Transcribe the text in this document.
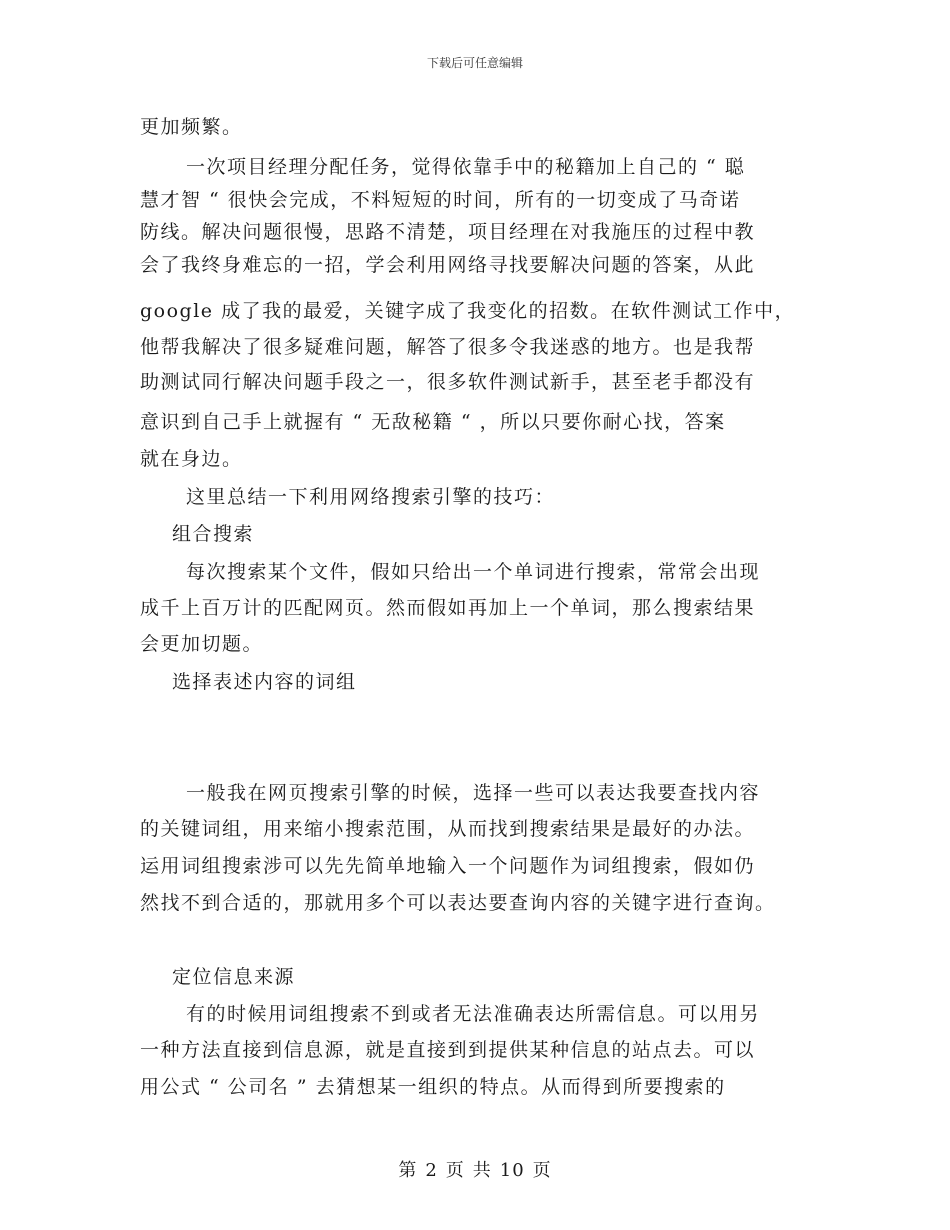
下载后可任意编辑
更加频繁。
一次项目经理分配任务，觉得依靠手中的秘籍加上自己的 “ 聪
慧才智 “ 很快会完成，不料短短的时间，所有的一切变成了马奇诺
防线。解决问题很慢，思路不清楚，项目经理在对我施压的过程中教
会了我终身难忘的一招，学会利用网络寻找要解决问题的答案，从此
google 成了我的最爱，关键字成了我变化的招数。在软件测试工作中，
他帮我解决了很多疑难问题，解答了很多令我迷惑的地方。也是我帮
助测试同行解决问题手段之一，很多软件测试新手，甚至老手都没有
意识到自己手上就握有 “ 无敌秘籍 “ ，所以只要你耐心找，答案
就在身边。
这里总结一下利用网络搜索引擎的技巧：
组合搜索
每次搜索某个文件，假如只给出一个单词进行搜索，常常会出现
成千上百万计的匹配网页。然而假如再加上一个单词，那么搜索结果
会更加切题。
选择表述内容的词组
一般我在网页搜索引擎的时候，选择一些可以表达我要查找内容
的关键词组，用来缩小搜索范围，从而找到搜索结果是最好的办法。
运用词组搜索涉可以先先简单地输入一个问题作为词组搜索，假如仍
然找不到合适的，那就用多个可以表达要查询内容的关键字进行查询。
定位信息来源
有的时候用词组搜索不到或者无法准确表达所需信息。可以用另
一种方法直接到信息源，就是直接到到提供某种信息的站点去。可以
用公式 “ 公司名 ” 去猜想某一组织的特点。从而得到所要搜索的
第 2 页 共 10 页
